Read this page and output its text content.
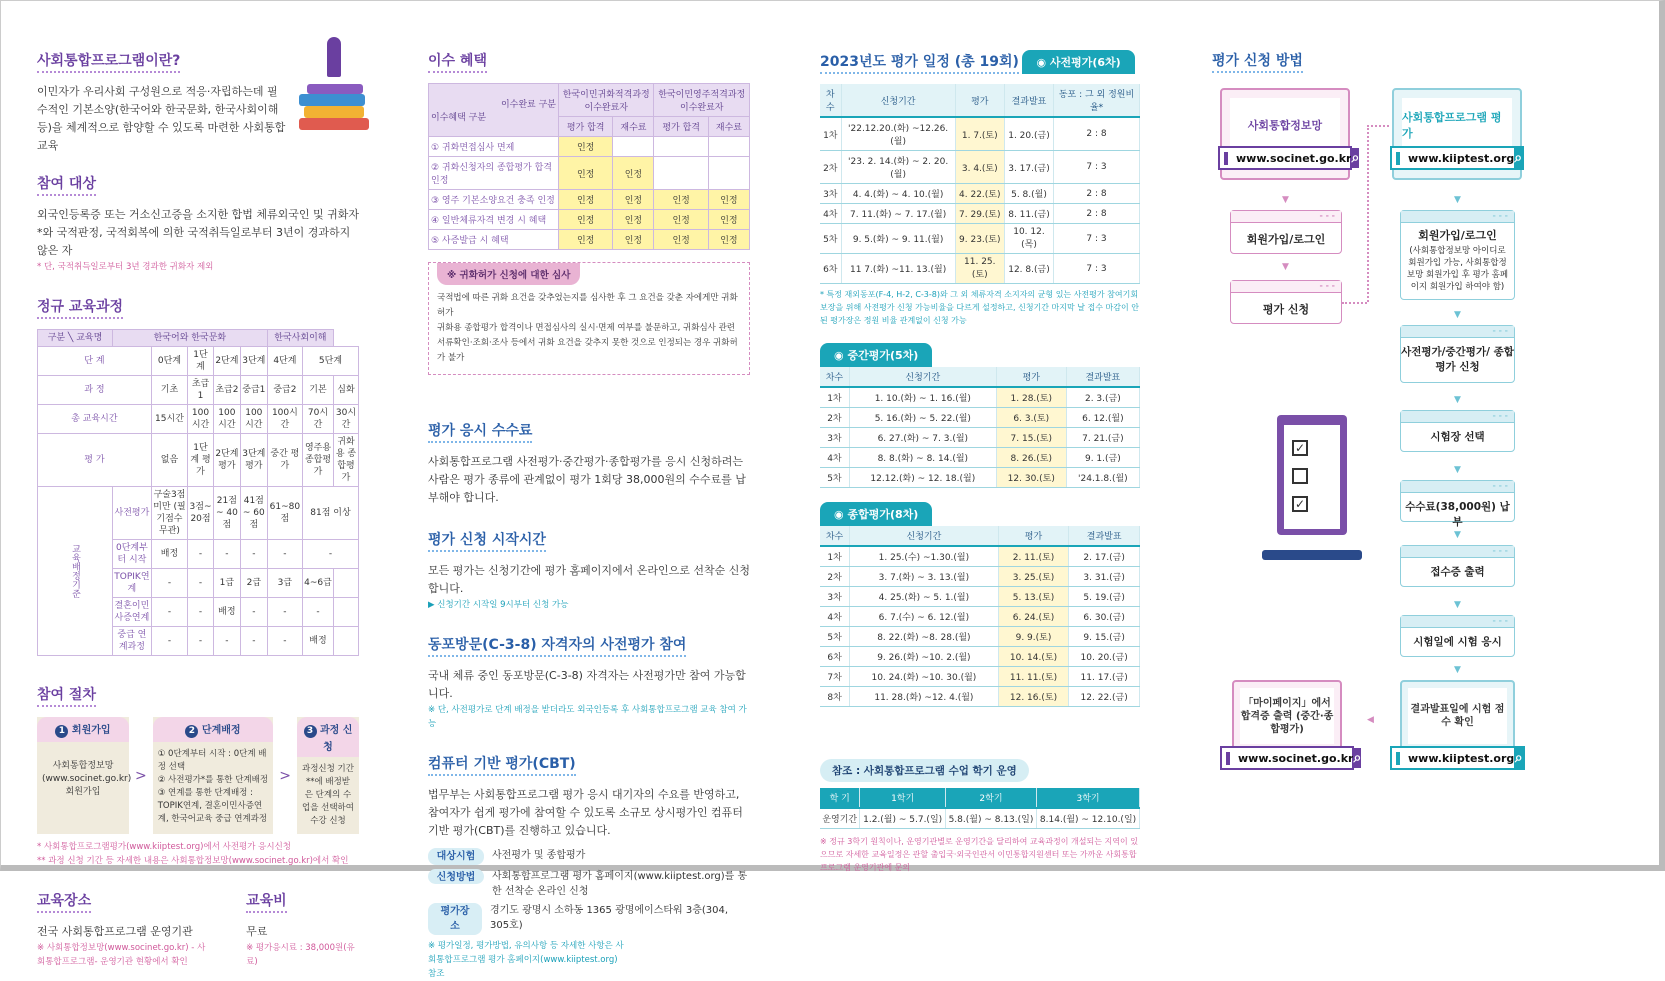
사회통합프로그램이란?

이민자가 우리사회 구성원으로 적응·자립하는데 필수적인 기본소양(한국어와 한국문화, 한국사회이해 등)을 체계적으로 함양할 수 있도록 마련한 사회통합교육

참여 대상

외국인등록증 또는 거소신고증을 소지한 합법 체류외국인 및 귀화자*와 국적판정, 국적회복에 의한 국적취득일로부터 3년이 경과하지 않은 자

* 단, 국적취득일로부터 3년 경과한 귀화자 제외
정규 교육과정
구분 ╲ 교육명	한국어와 한국문화					한국사회이해		
단 계		0단계	1단계	2단계	3단계	4단계	5단계	
과 정		기초	초급1	초급2	중급1	중급2	기본	심화
총 교육시간		15시간	100시간	100시간	100시간	100시간	70시간	30시간
평 가		없음	1단계 평가	2단계 평가	3단계 평가	중간 평가	영주용 종합평가	귀화용 종합평가
교육배정기준	사전평가	구술3점 미만 (필기점수 무관)	3점~ 20점	21점~ 40점	41점~ 60점	61~80점	81점 이상	
	0단계부터 시작	배정	-	-	-	-	-	
	TOPIK연계	-	-	1급	2급	3급	4~6급	
	결혼이민 사증연계	-	-	배정	-	-	-	
	중급 연계과정	-	-	-	-	-	배정	
참여 절차
1 회원가입
사회통합정보망 (www.socinet.go.kr) 회원가입
>
2 단계배정
① 0단계부터 시작 : 0단계 배정 선택
② 사전평가*를 통한 단계배정
③ 연계를 통한 단계배정 : TOPIK연계, 결혼이민사증연계, 한국어교육 중급 연계과정
>
3 과정 신청
과정신청 기간**에 배정받은 단계의 수업을 선택하여 수강 신청
* 사회통합프로그램평가(www.kiiptest.org)에서 사전평가 응시신청
** 과정 신청 기간 등 자세한 내용은 사회통합정보망(www.socinet.go.kr)에서 확인
교육장소

전국 사회통합프로그램 운영기관

※ 사회통합정보망(www.socinet.go.kr) - 사회통합프로그램- 운영기관 현황에서 확인
교육비

무료

※ 평가응시료 : 38,000원(유료)
이수 혜택
이수완료 구분
이수혜택 구분	한국이민귀화적격과정 이수완료자		한국이민영주적격과정 이수완료자	
	평가 합격	재수료	평가 합격	재수료
① 귀화면접심사 면제	인정			
② 귀화신청자의 종합평가 합격 인정	인정	인정		
③ 영주 기본소양요건 충족 인정	인정	인정	인정	인정
④ 일반체류자격 변경 시 혜택	인정	인정	인정	인정
⑤ 사증발급 시 혜택	인정	인정	인정	인정
※ 귀화허가 신청에 대한 심사
국적법에 따른 귀화 요건을 갖추었는지를 심사한 후 그 요건을 갖춘 자에게만 귀화 허가
귀화용 종합평가 합격이나 면접심사의 실시·면제 여부를 불문하고, 귀화심사 관련 서류확인·조회·조사 등에서 귀화 요건을 갖추지 못한 것으로 인정되는 경우 귀화허가 불가
평가 응시 수수료

사회통합프로그램 사전평가·중간평가·종합평가를 응시 신청하려는 사람은 평가 종류에 관계없이 평가 1회당 38,000원의 수수료를 납부해야 합니다.

평가 신청 시작시간

모든 평가는 신청기간에 평가 홈페이지에서 온라인으로 선착순 신청합니다.

▶ 신청기간 시작일 9시부터 신청 가능
동포방문(C-3-8) 자격자의 사전평가 참여

국내 체류 중인 동포방문(C-3-8) 자격자는 사전평가만 참여 가능합니다.

※ 단, 사전평가로 단계 배정을 받더라도 외국인등록 후 사회통합프로그램 교육 참여 가능
컴퓨터 기반 평가(CBT)

법무부는 사회통합프로그램 평가 응시 대기자의 수요를 반영하고, 참여자가 쉽게 평가에 참여할 수 있도록 소규모 상시평가인 컴퓨터 기반 평가(CBT)를 진행하고 있습니다.

대상시험	사전평가 및 종합평가
신청방법	사회통합프로그램 평가 홈페이지(www.kiiptest.org)를 통한 선착순 온라인 신청
평가장소
경기도 광명시 소하동 1365 광명에이스타워 3층(304, 305호)
※ 평가일정, 평가방법, 유의사항 등 자세한 사항은 사회통합프로그램 평가 홈페이지(www.kiiptest.org) 참조
2023년도 평가 일정 (총 19회) ◉ 사전평가(6차)
차수	신청기간	평가	결과발표	동포 : 그 외 정원비율*
1차	'22.12.20.(화) ~12.26.(월)	1. 7.(토)	1. 20.(금)	2 : 8
2차	'23. 2. 14.(화) ~ 2. 20.(월)	3. 4.(토)	3. 17.(금)	7 : 3
3차	4. 4.(화) ~ 4. 10.(월)	4. 22.(토)	5. 8.(월)	2 : 8
4차	7. 11.(화) ~ 7. 17.(월)	7. 29.(토)	8. 11.(금)	2 : 8
5차	9. 5.(화) ~ 9. 11.(월)	9. 23.(토)	10. 12.(목)	7 : 3
6차	11 7.(화) ~11. 13.(월)	11. 25.(토)	12. 8.(금)	7 : 3
* 특정 재외동포(F-4, H-2, C-3-8)와 그 외 체류자격 소지자의 균형 있는 사전평가 참여기회 보장을 위해 사전평가 신청 가능비율을 다르게 설정하고, 신청기간 마지막 날 접수 마감이 안 된 평가장은 정원 비율 관계없이 신청 가능
◉ 중간평가(5차)
차수	신청기간	평가	결과발표
1차	1. 10.(화) ~ 1. 16.(월)	1. 28.(토)	2. 3.(금)
2차	5. 16.(화) ~ 5. 22.(월)	6. 3.(토)	6. 12.(월)
3차	6. 27.(화) ~ 7. 3.(월)	7. 15.(토)	7. 21.(금)
4차	8. 8.(화) ~ 8. 14.(월)	8. 26.(토)	9. 1.(금)
5차	12.12.(화) ~ 12. 18.(월)	12. 30.(토)	'24.1.8.(월)
◉ 종합평가(8차)
차수	신청기간	평가	결과발표
1차	1. 25.(수) ~1.30.(월)	2. 11.(토)	2. 17.(금)
2차	3. 7.(화) ~ 3. 13.(월)	3. 25.(토)	3. 31.(금)
3차	4. 25.(화) ~ 5. 1.(월)	5. 13.(토)	5. 19.(금)
4차	6. 7.(수) ~ 6. 12.(월)	6. 24.(토)	6. 30.(금)
5차	8. 22.(화) ~8. 28.(월)	9. 9.(토)	9. 15.(금)
6차	9. 26.(화) ~10. 2.(월)	10. 14.(토)	10. 20.(금)
7차	10. 24.(화) ~10. 30.(월)	11. 11.(토)	11. 17.(금)
8차	11. 28.(화) ~12. 4.(월)	12. 16.(토)	12. 22.(금)
참조 : 사회통합프로그램 수업 학기 운영
학 기	1학기	2학기	3학기
운영기간	1.2.(월) ~ 5.7.(일)	5.8.(월) ~ 8.13.(일)	8.14.(월) ~ 12.10.(일)
※ 정규 3학기 원칙이나, 운영기관별로 운영기간을 달리하여 교육과정이 개설되는 지역이 있으므로 자세한 교육일정은 관할 출입국·외국인관서 이민통합지원센터 또는 가까운 사회통합프로그램 운영기관에 문의
평가 신청 방법
사회통합정보망
www.socinet.go.kr ⌕
사회통합프로그램 평가
www.kiiptest.org ⌕
▼
- - -
회원가입/로그인
▼
- - -
평가 신청
▼
- - -
회원가입/로그인
(사회통합정보망 아이디로 회원가입 가능, 사회통합정보망 회원가입 후 평가 홈페이지 회원가입 하여야 함)
「마이페이지」에서 합격증 출력 (중간·종합평가)
www.socinet.go.kr ⌕
◀
결과발표일에 시험 점수 확인
www.kiiptest.org ⌕
✓
✓
▼
- - -
사전평가/중간평가/ 종합평가 신청
▼
- - -
시험장 선택
▼
- - -
수수료(38,000원) 납부
▼
- - -
접수증 출력
▼
- - -
시험일에 시험 응시
▼
